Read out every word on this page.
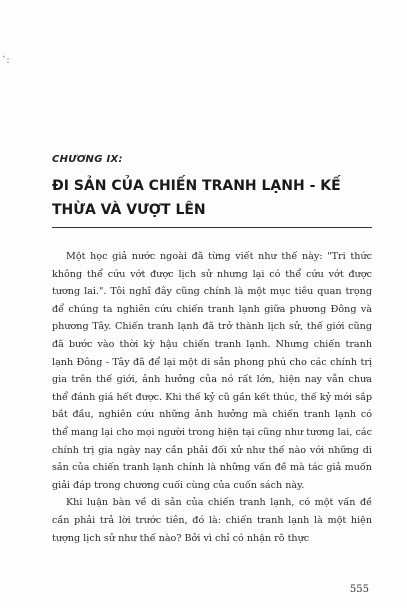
`:
CHƯƠNG IX:
ĐI SẢN CỦA CHIẾN TRANH LẠNH - KẾ THỪA VÀ VƯỢT LÊN

Một học giả nước ngoài đã từng viết như thế này: "Tri thức không thể cứu vớt được lịch sử nhưng lại có thể cứu vớt được tương lai.". Tôi nghĩ đây cũng chính là một mục tiêu quan trọng để chúng ta nghiên cứu chiến tranh lạnh giữa phương Đông và phương Tây. Chiến tranh lạnh đã trở thành lịch sử, thế giới cũng đã bước vào thời kỳ hậu chiến tranh lạnh. Nhưng chiến tranh lạnh Đông - Tây đã để lại một di sản phong phú cho các chính trị gia trên thế giới, ảnh hưởng của nó rất lớn, hiện nay vẫn chưa thể đánh giá hết được. Khi thế kỷ cũ gần kết thúc, thế kỷ mới sắp bắt đầu, nghiên cứu những ảnh hưởng mà chiến tranh lạnh có thể mang lại cho mọi người trong hiện tại cũng như tương lai, các chính trị gia ngày nay cần phải đối xử như thế nào với những di sản của chiến tranh lạnh chính là những vấn đề mà tác giả muốn giải đáp trong chương cuối cùng của cuốn sách này.

Khi luận bàn về di sản của chiến tranh lạnh, có một vấn đề cần phải trả lời trước tiên, đó là: chiến tranh lạnh là một hiện tượng lịch sử như thế nào? Bởi vì chỉ có nhận rõ thực

555
